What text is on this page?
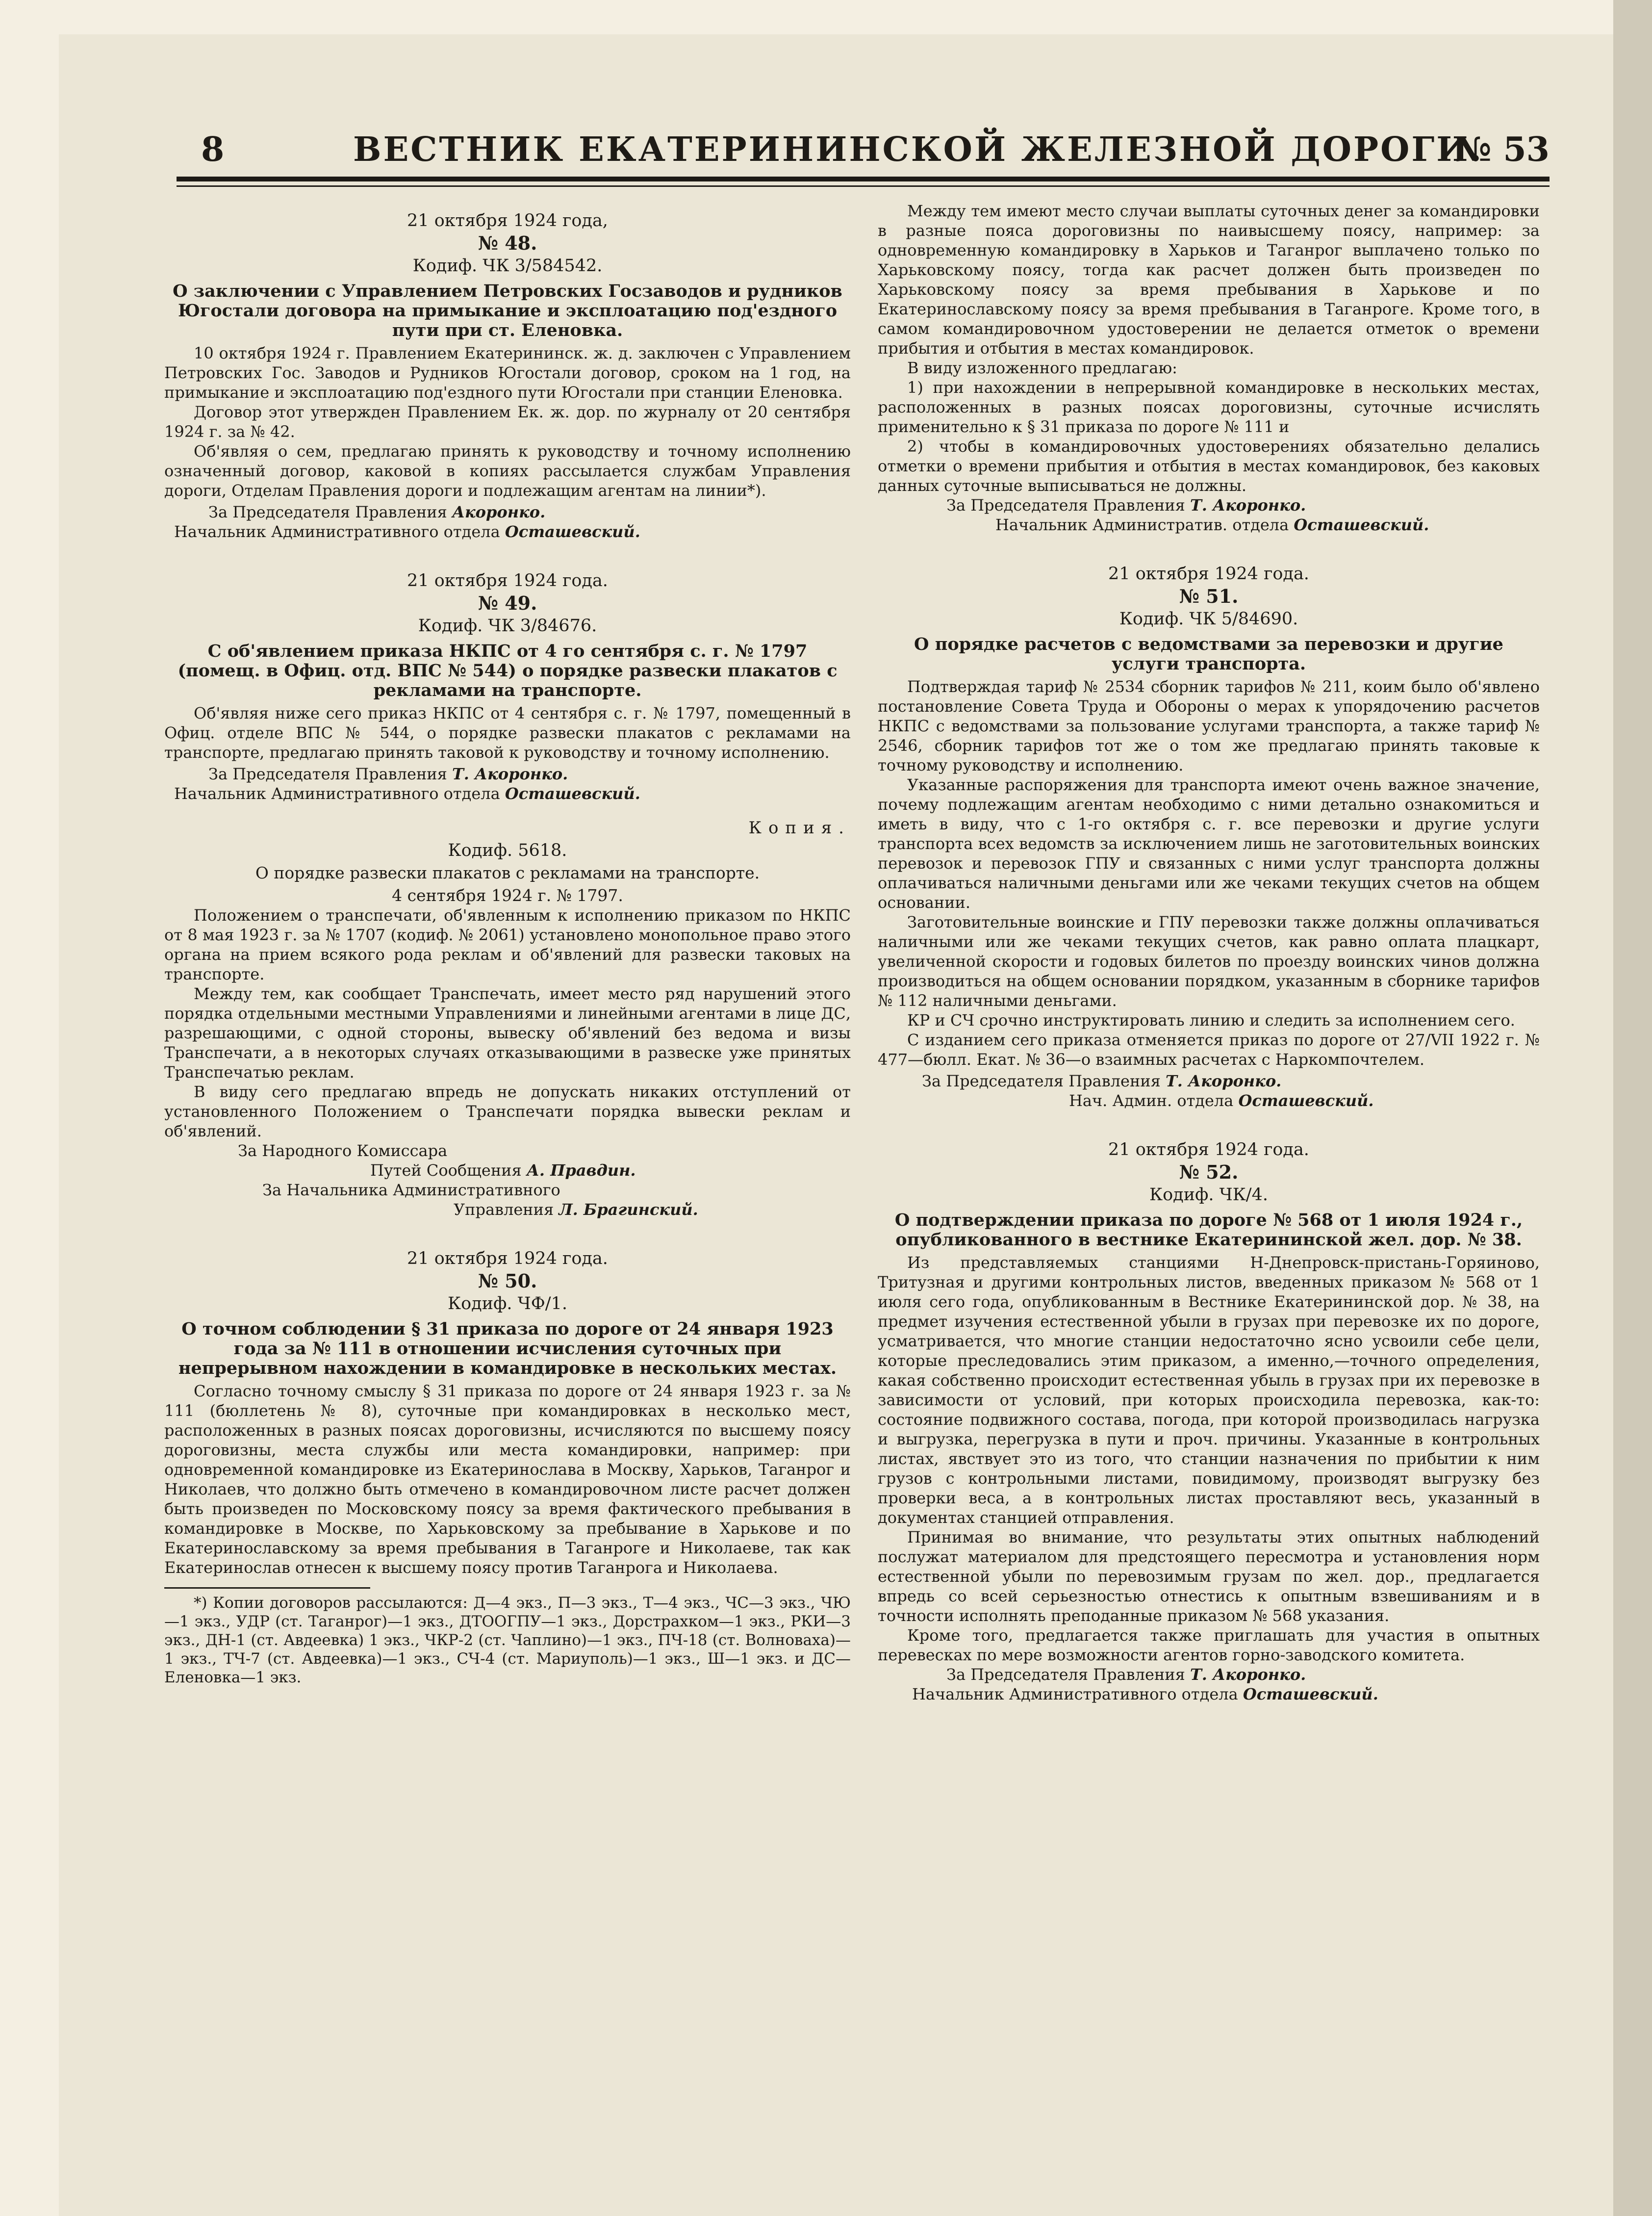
8	ВЕСТНИК ЕКАТЕРИНИНСКОЙ ЖЕЛЕЗНОЙ ДОРОГИ.
№ 53
21 октября 1924 года,
№ 48.
Кодиф. ЧК 3/584542.
О заключении с Управлением Петровских Госзаводов и рудников Югостали договора на примыкание и эксплоатацию под'ездного пути при ст. Еленовка.

10 октября 1924 г. Правлением Екатерининск. ж. д. заключен с Управлением Петровских Гос. Заводов и Рудников Югостали договор, сроком на 1 год, на примыкание и эксплоатацию под'ездного пути Югостали при станции Еленовка.

Договор этот утвержден Правлением Ек. ж. дор. по журналу от 20 сентября 1924 г. за № 42.

Об'являя о сем, предлагаю принять к руководству и точному исполнению означенный договор, каковой в копиях рассылается службам Управления дороги, Отделам Правления дороги и подлежащим агентам на линии*).

За Председателя Правления Акоронко.
Начальник Административного отдела Осташевский.
21 октября 1924 года.
№ 49.
Кодиф. ЧК 3/84676.
С об'явлением приказа НКПС от 4 го сентября с. г. № 1797 (помещ. в Офиц. отд. ВПС № 544) о порядке развески плакатов с рекламами на транспорте.

Об'являя ниже сего приказ НКПС от 4 сентября с. г. № 1797, помещенный в Офиц. отделе ВПС № 544, о порядке развески плакатов с рекламами на транспорте, предлагаю принять таковой к руководству и точному исполнению.

За Председателя Правления Т. Акоронко.
Начальник Административного отдела Осташевский.
Копия.
Кодиф. 5618.
О порядке развески плакатов с рекламами на транспорте.
4 сентября 1924 г. № 1797.

Положением о транспечати, об'явленным к исполнению приказом по НКПС от 8 мая 1923 г. за № 1707 (кодиф. № 2061) установлено монопольное право этого органа на прием всякого рода реклам и об'явлений для развески таковых на транспорте.

Между тем, как сообщает Транспечать, имеет место ряд нарушений этого порядка отдельными местными Управлениями и линейными агентами в лице ДС, разрешающими, с одной стороны, вывеску об'явлений без ведома и визы Транспечати, а в некоторых случаях отказывающими в развеске уже принятых Транспечатью реклам.

В виду сего предлагаю впредь не допускать никаких отступлений от установленного Положением о Транспечати порядка вывески реклам и об'явлений.

За Народного Комиссара
Путей Сообщения А. Правдин.
За Начальника Административного
Управления Л. Брагинский.
21 октября 1924 года.
№ 50.
Кодиф. ЧФ/1.
О точном соблюдении § 31 приказа по дороге от 24 января 1923 года за № 111 в отношении исчисления суточных при непрерывном нахождении в командировке в нескольких местах.

Согласно точному смыслу § 31 приказа по дороге от 24 января 1923 г. за № 111 (бюллетень № 8), суточные при командировках в несколько мест, расположенных в разных поясах дороговизны, исчисляются по высшему поясу дороговизны, места службы или места командировки, например: при одновременной командировке из Екатеринослава в Москву, Харьков, Таганрог и Николаев, что должно быть отмечено в командировочном листе расчет должен быть произведен по Московскому поясу за время фактического пребывания в командировке в Москве, по Харьковскому за пребывание в Харькове и по Екатеринославскому за время пребывания в Таганроге и Николаеве, так как Екатеринослав отнесен к высшему поясу против Таганрога и Николаева.

*) Копии договоров рассылаются: Д—4 экз., П—3 экз., Т—4 экз., ЧС—3 экз., ЧЮ—1 экз., УДР (ст. Таганрог)—1 экз., ДТООГПУ—1 экз., Дорстрахком—1 экз., РКИ—3 экз., ДН-1 (ст. Авдеевка) 1 экз., ЧКР-2 (ст. Чаплино)—1 экз., ПЧ-18 (ст. Волноваха)—1 экз., ТЧ-7 (ст. Авдеевка)—1 экз., СЧ-4 (ст. Мариуполь)—1 экз., Ш—1 экз. и ДС—Еленовка—1 экз.

Между тем имеют место случаи выплаты суточных денег за командировки в разные пояса дороговизны по наивысшему поясу, например: за одновременную командировку в Харьков и Таганрог выплачено только по Харьковскому поясу, тогда как расчет должен быть произведен по Харьковскому поясу за время пребывания в Харькове и по Екатеринославскому поясу за время пребывания в Таганроге. Кроме того, в самом командировочном удостоверении не делается отметок о времени прибытия и отбытия в местах командировок.

В виду изложенного предлагаю:

1) при нахождении в непрерывной командировке в нескольких местах, расположенных в разных поясах дороговизны, суточные исчислять применительно к § 31 приказа по дороге № 111 и

2) чтобы в командировочных удостоверениях обязательно делались отметки о времени прибытия и отбытия в местах командировок, без каковых данных суточные выписываться не должны.

За Председателя Правления Т. Акоронко.
Начальник Административ. отдела Осташевский.
21 октября 1924 года.
№ 51.
Кодиф. ЧК 5/84690.
О порядке расчетов с ведомствами за перевозки и другие услуги транспорта.

Подтверждая тариф № 2534 сборник тарифов № 211, коим было об'явлено постановление Совета Труда и Обороны о мерах к упорядочению расчетов НКПС с ведомствами за пользование услугами транспорта, а также тариф № 2546, сборник тарифов тот же о том же предлагаю принять таковые к точному руководству и исполнению.

Указанные распоряжения для транспорта имеют очень важное значение, почему подлежащим агентам необходимо с ними детально ознакомиться и иметь в виду, что с 1-го октября с. г. все перевозки и другие услуги транспорта всех ведомств за исключением лишь не заготовительных воинских перевозок и перевозок ГПУ и связанных с ними услуг транспорта должны оплачиваться наличными деньгами или же чеками текущих счетов на общем основании.

Заготовительные воинские и ГПУ перевозки также должны оплачиваться наличными или же чеками текущих счетов, как равно оплата плацкарт, увеличенной скорости и годовых билетов по проезду воинских чинов должна производиться на общем основании порядком, указанным в сборнике тарифов № 112 наличными деньгами.

КР и СЧ срочно инструктировать линию и следить за исполнением сего.

С изданием сего приказа отменяется приказ по дороге от 27/VII 1922 г. № 477—бюлл. Екат. № 36—о взаимных расчетах с Наркомпочтелем.

За Председателя Правления Т. Акоронко.
Нач. Админ. отдела Осташевский.
21 октября 1924 года.
№ 52.
Кодиф. ЧК/4.
О подтверждении приказа по дороге № 568 от 1 июля 1924 г., опубликованного в вестнике Екатерининской жел. дор. № 38.

Из представляемых станциями Н-Днепровск-пристань-Горяиново, Тритузная и другими контрольных листов, введенных приказом № 568 от 1 июля сего года, опубликованным в Вестнике Екатерининской дор. № 38, на предмет изучения естественной убыли в грузах при перевозке их по дороге, усматривается, что многие станции недостаточно ясно усвоили себе цели, которые преследовались этим приказом, а именно,—точного определения, какая собственно происходит естественная убыль в грузах при их перевозке в зависимости от условий, при которых происходила перевозка, как-то: состояние подвижного состава, погода, при которой производилась нагрузка и выгрузка, перегрузка в пути и проч. причины. Указанные в контрольных листах, явствует это из того, что станции назначения по прибытии к ним грузов с контрольными листами, повидимому, производят выгрузку без проверки веса, а в контрольных листах проставляют весь, указанный в документах станцией отправления.

Принимая во внимание, что результаты этих опытных наблюдений послужат материалом для предстоящего пересмотра и установления норм естественной убыли по перевозимым грузам по жел. дор., предлагается впредь со всей серьезностью отнестись к опытным взвешиваниям и в точности исполнять преподанные приказом № 568 указания.

Кроме того, предлагается также приглашать для участия в опытных перевесках по мере возможности агентов горно-заводского комитета.

За Председателя Правления Т. Акоронко.
Начальник Административного отдела Осташевский.
